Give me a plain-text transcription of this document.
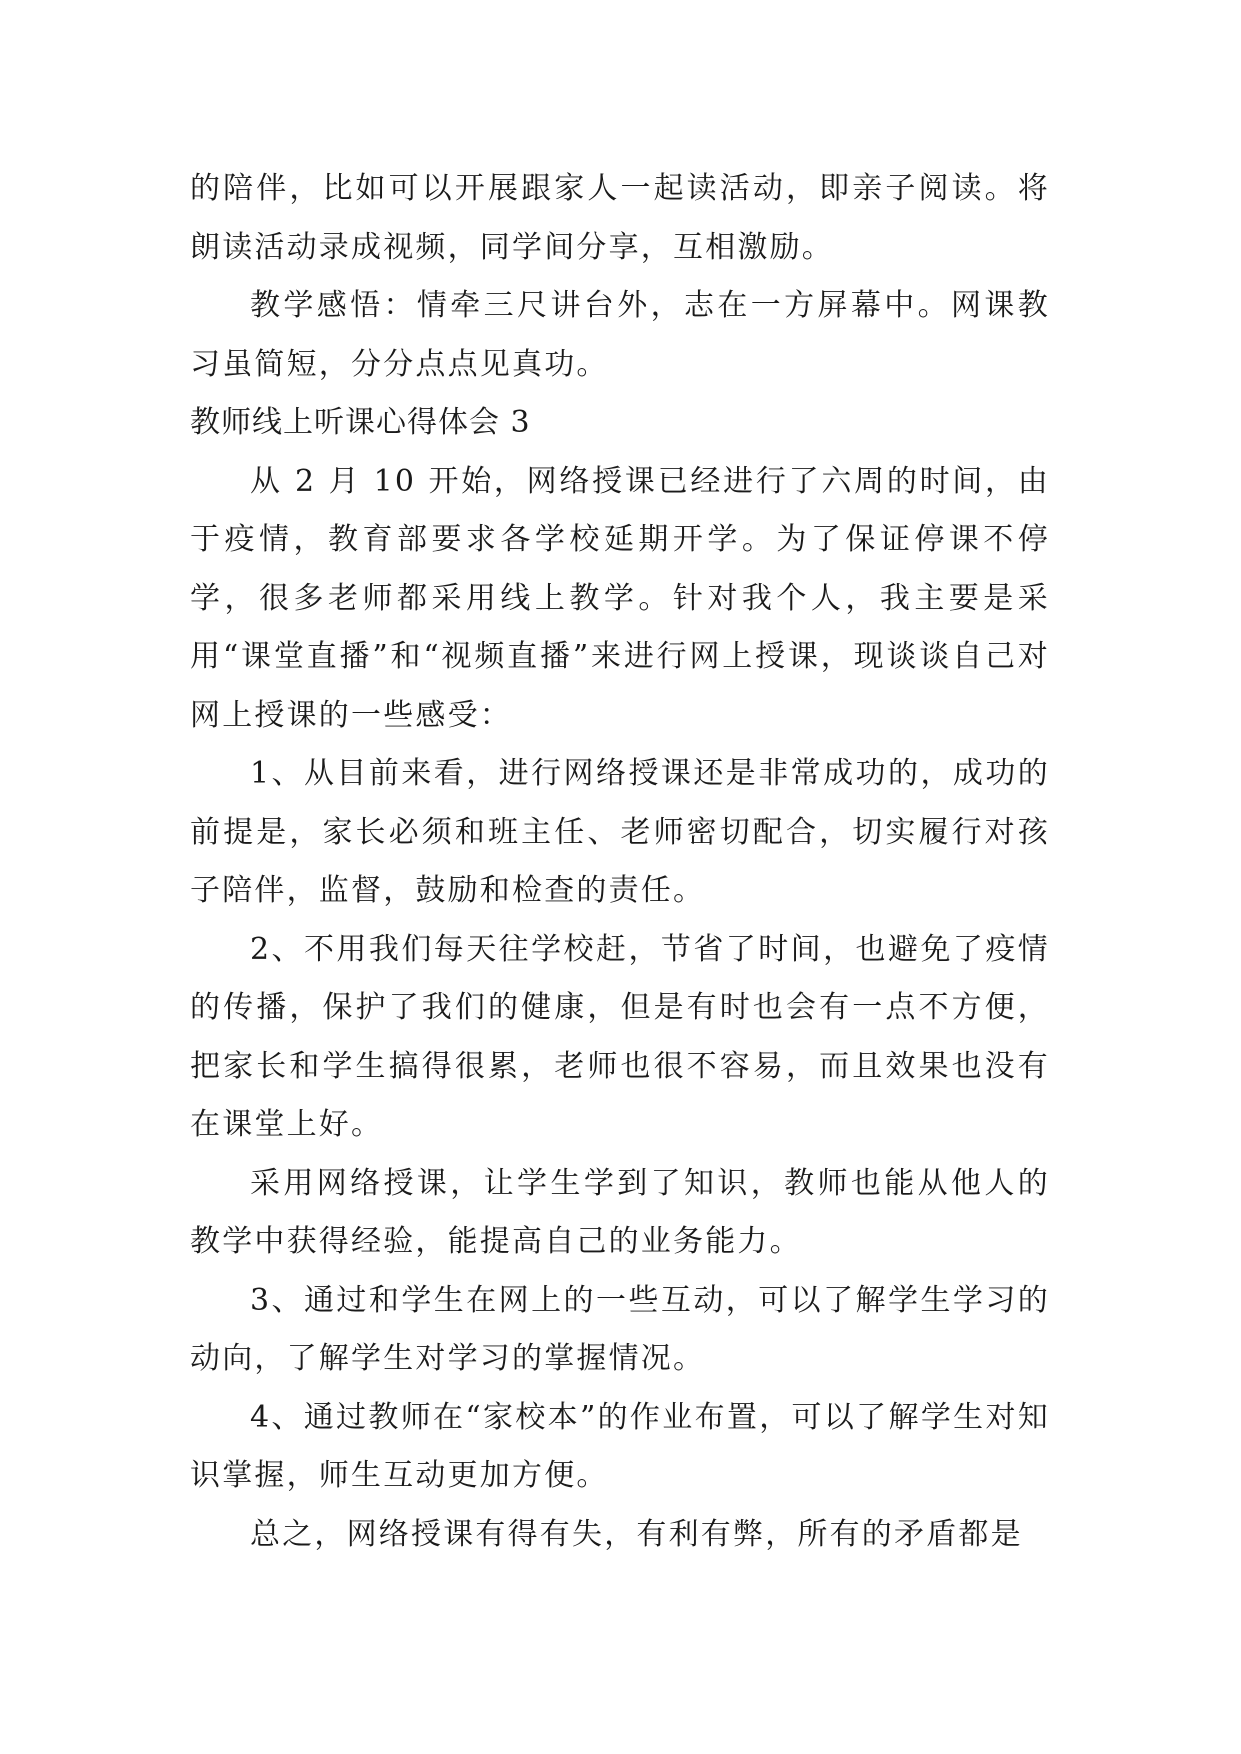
的陪伴，比如可以开展跟家人一起读活动，即亲子阅读。将朗读活动录成视频，同学间分享，互相激励。

教学感悟：情牵三尺讲台外，志在一方屏幕中。网课教习虽简短，分分点点见真功。

教师线上听课心得体会 3

从 2 月 10 开始，网络授课已经进行了六周的时间，由于疫情，教育部要求各学校延期开学。为了保证停课不停学，很多老师都采用线上教学。针对我个人，我主要是采用“课堂直播”和“视频直播”来进行网上授课，现谈谈自己对网上授课的一些感受：

1、从目前来看，进行网络授课还是非常成功的，成功的前提是，家长必须和班主任、老师密切配合，切实履行对孩子陪伴，监督，鼓励和检查的责任。

2、不用我们每天往学校赶，节省了时间，也避免了疫情的传播，保护了我们的健康，但是有时也会有一点不方便，把家长和学生搞得很累，老师也很不容易，而且效果也没有在课堂上好。

采用网络授课，让学生学到了知识，教师也能从他人的教学中获得经验，能提高自己的业务能力。

3、通过和学生在网上的一些互动，可以了解学生学习的动向，了解学生对学习的掌握情况。

4、通过教师在“家校本”的作业布置，可以了解学生对知识掌握，师生互动更加方便。

总之，网络授课有得有失，有利有弊，所有的矛盾都是
